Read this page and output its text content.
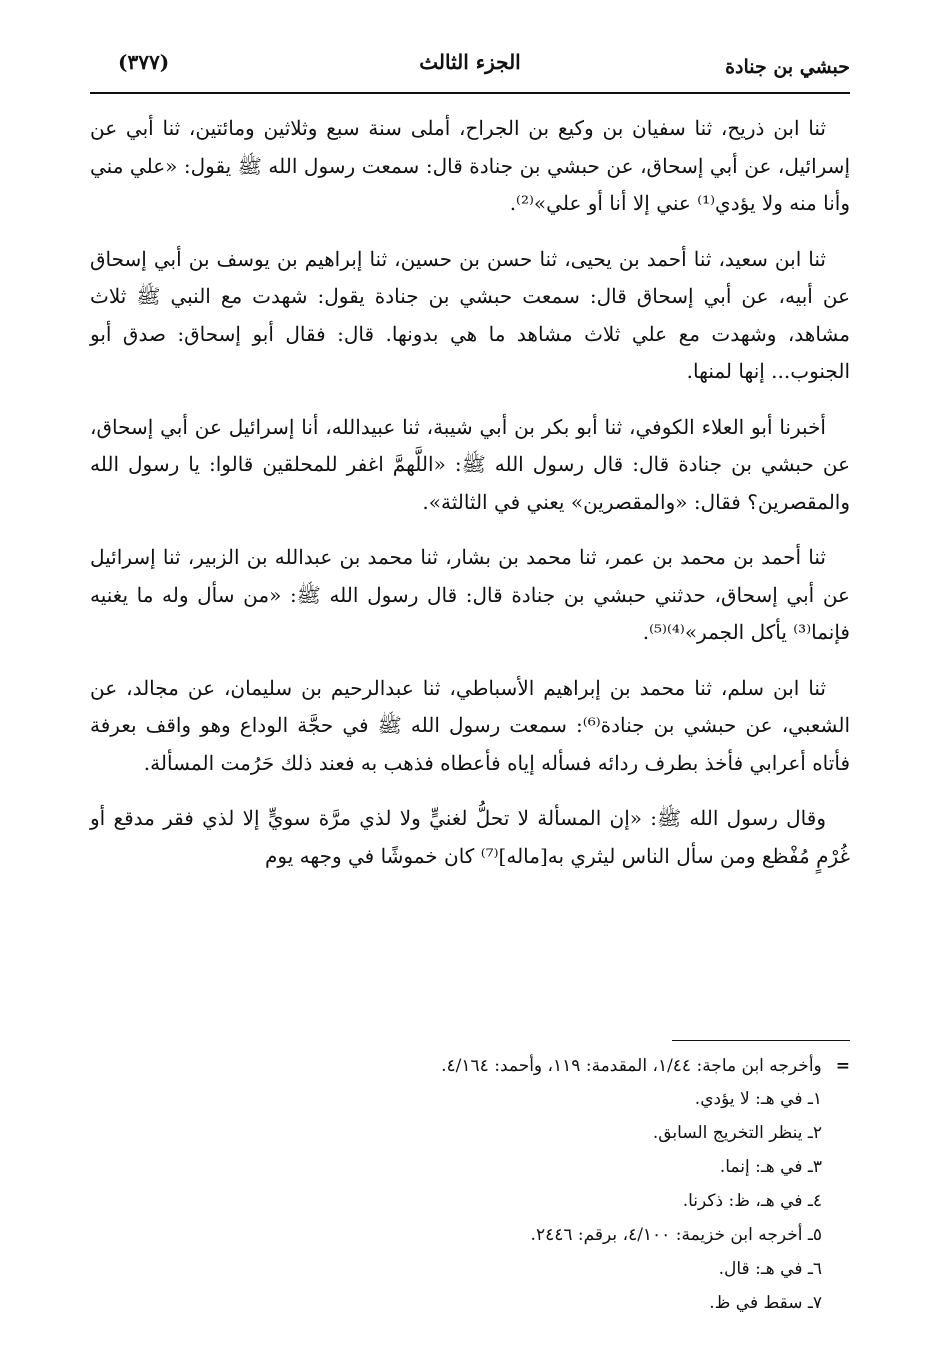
حبشي بن جنادة
الجزء الثالث
(٣٧٧)

ثنا ابن ذريح، ثنا سفيان بن وكيع بن الجراح، أملى سنة سبع وثلاثين ومائتين، ثنا أبي عن إسرائيل، عن أبي إسحاق، عن حبشي بن جنادة قال: سمعت رسول الله ﷺ يقول: «علي مني وأنا منه ولا يؤدي⁽¹⁾ عني إلا أنا أو علي»⁽²⁾.

ثنا ابن سعيد، ثنا أحمد بن يحيى، ثنا حسن بن حسين، ثنا إبراهيم بن يوسف بن أبي إسحاق عن أبيه، عن أبي إسحاق قال: سمعت حبشي بن جنادة يقول: شهدت مع النبي ﷺ ثلاث مشاهد، وشهدت مع علي ثلاث مشاهد ما هي بدونها. قال: فقال أبو إسحاق: صدق أبو الجنوب... إنها لمنها.

أخبرنا أبو العلاء الكوفي، ثنا أبو بكر بن أبي شيبة، ثنا عبيدالله، أنا إسرائيل عن أبي إسحاق، عن حبشي بن جنادة قال: قال رسول الله ﷺ: «اللَّهمَّ اغفر للمحلقين قالوا: يا رسول الله والمقصرين؟ فقال: «والمقصرين» يعني في الثالثة».

ثنا أحمد بن محمد بن عمر، ثنا محمد بن بشار، ثنا محمد بن عبدالله بن الزبير، ثنا إسرائيل عن أبي إسحاق، حدثني حبشي بن جنادة قال: قال رسول الله ﷺ: «من سأل وله ما يغنيه فإنما⁽³⁾ يأكل الجمر»⁽⁴⁾⁽⁵⁾.

ثنا ابن سلم، ثنا محمد بن إبراهيم الأسباطي، ثنا عبدالرحيم بن سليمان، عن مجالد، عن الشعبي، عن حبشي بن جنادة⁽⁶⁾: سمعت رسول الله ﷺ في حجَّة الوداع وهو واقف بعرفة فأتاه أعرابي فأخذ بطرف ردائه فسأله إياه فأعطاه فذهب به فعند ذلك حَرُمت المسألة.

وقال رسول الله ﷺ: «إن المسألة لا تحلُّ لغنيٍّ ولا لذي مرَّة سويٍّ إلا لذي فقر مدقع أو غُرْمٍ مُفْظع ومن سأل الناس ليثري به[ماله]⁽⁷⁾ كان خموشًا في وجهه يوم

=وأخرجه ابن ماجة: ١/٤٤، المقدمة: ١١٩، وأحمد: ٤/١٦٤.
١ـ في هـ: لا يؤدي.
٢ـ ينظر التخريج السابق.
٣ـ في هـ: إنما.
٤ـ في هـ، ظ: ذكرنا.
٥ـ أخرجه ابن خزيمة: ٤/١٠٠، برقم: ٢٤٤٦.
٦ـ في هـ: قال.
٧ـ سقط في ظ.
